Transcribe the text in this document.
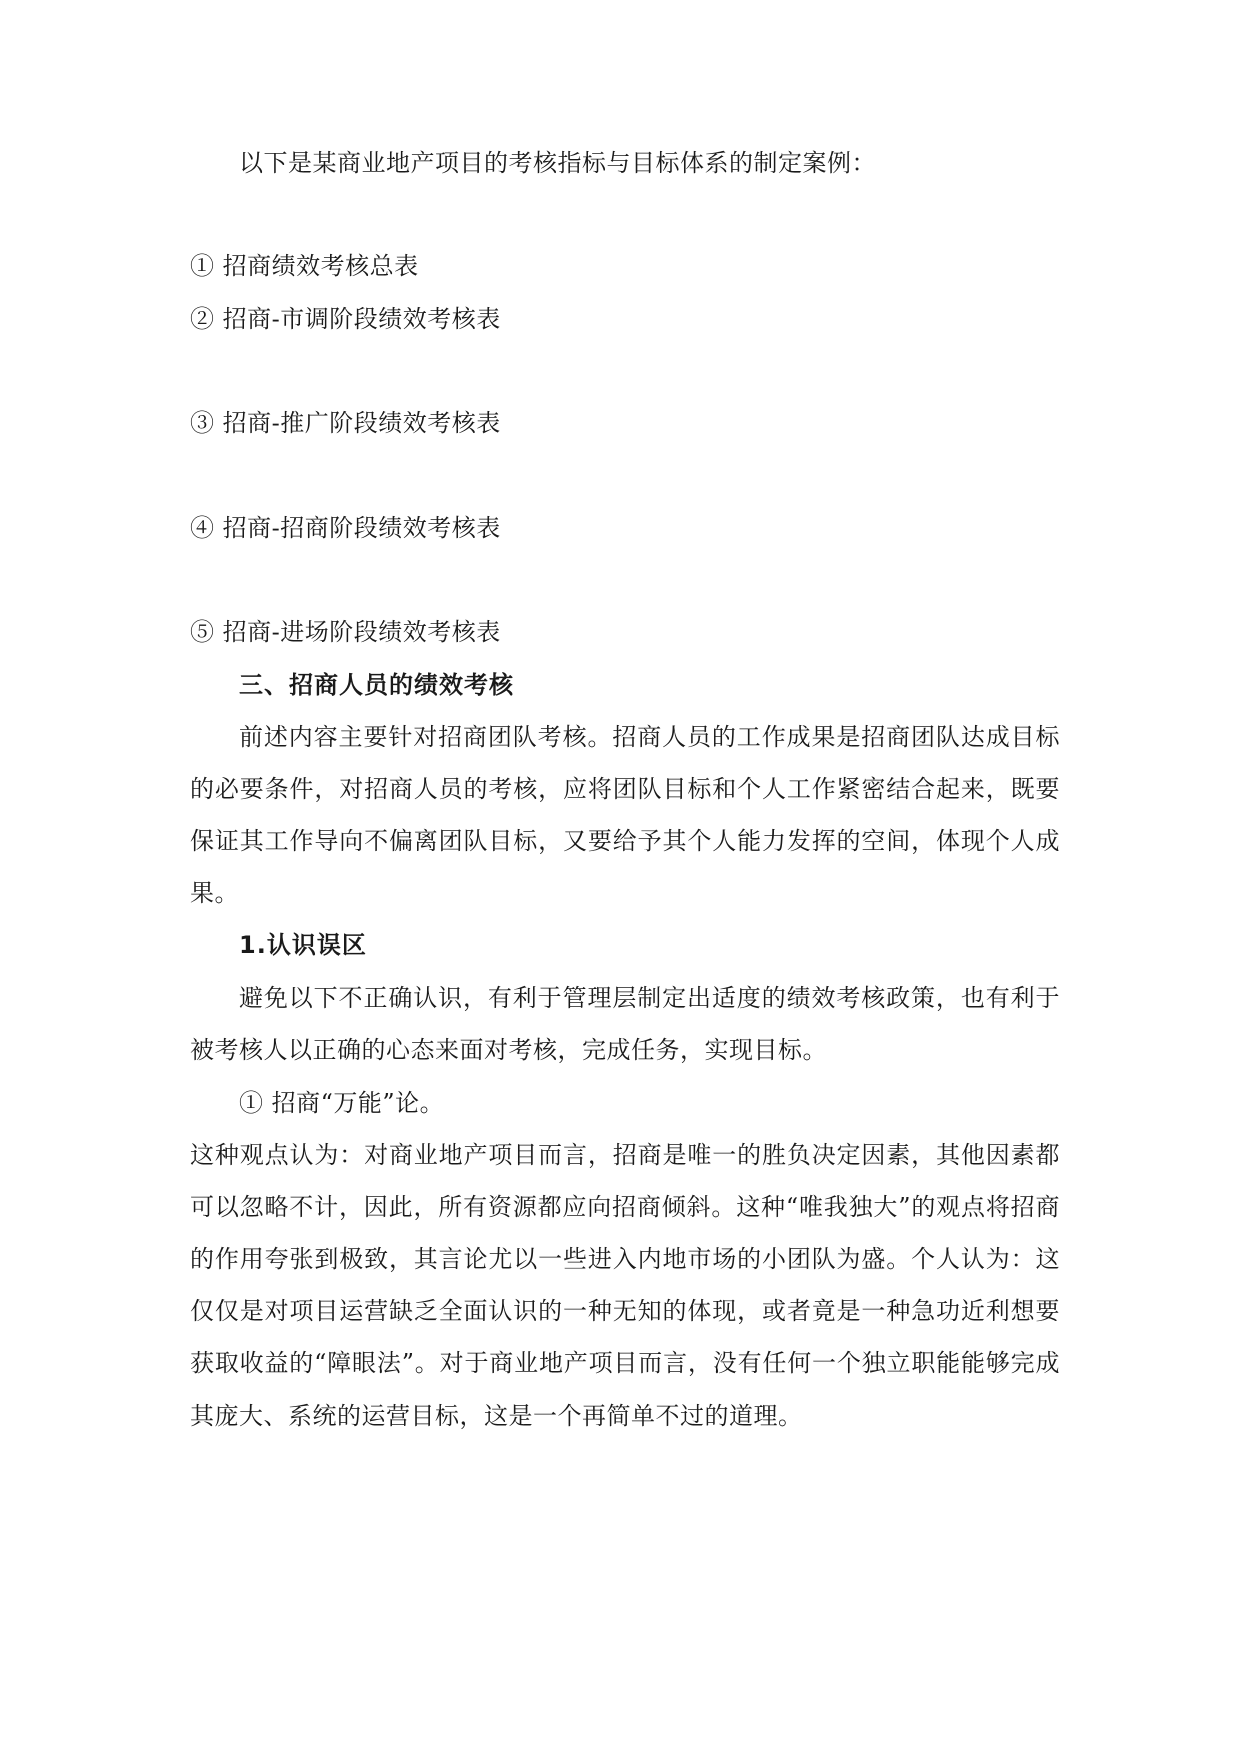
以下是某商业地产项目的考核指标与目标体系的制定案例：
① 招商绩效考核总表
② 招商-市调阶段绩效考核表
③ 招商-推广阶段绩效考核表
④ 招商-招商阶段绩效考核表
⑤ 招商-进场阶段绩效考核表
三、招商人员的绩效考核
前述内容主要针对招商团队考核。招商人员的工作成果是招商团队达成目标
的必要条件，对招商人员的考核，应将团队目标和个人工作紧密结合起来，既要
保证其工作导向不偏离团队目标，又要给予其个人能力发挥的空间，体现个人成
果。
1.认识误区
避免以下不正确认识，有利于管理层制定出适度的绩效考核政策，也有利于
被考核人以正确的心态来面对考核，完成任务，实现目标。
① 招商“万能”论。
这种观点认为：对商业地产项目而言，招商是唯一的胜负决定因素，其他因素都
可以忽略不计，因此，所有资源都应向招商倾斜。这种“唯我独大”的观点将招商
的作用夸张到极致，其言论尤以一些进入内地市场的小团队为盛。个人认为：这
仅仅是对项目运营缺乏全面认识的一种无知的体现，或者竟是一种急功近利想要
获取收益的“障眼法”。对于商业地产项目而言，没有任何一个独立职能能够完成
其庞大、系统的运营目标，这是一个再简单不过的道理。
